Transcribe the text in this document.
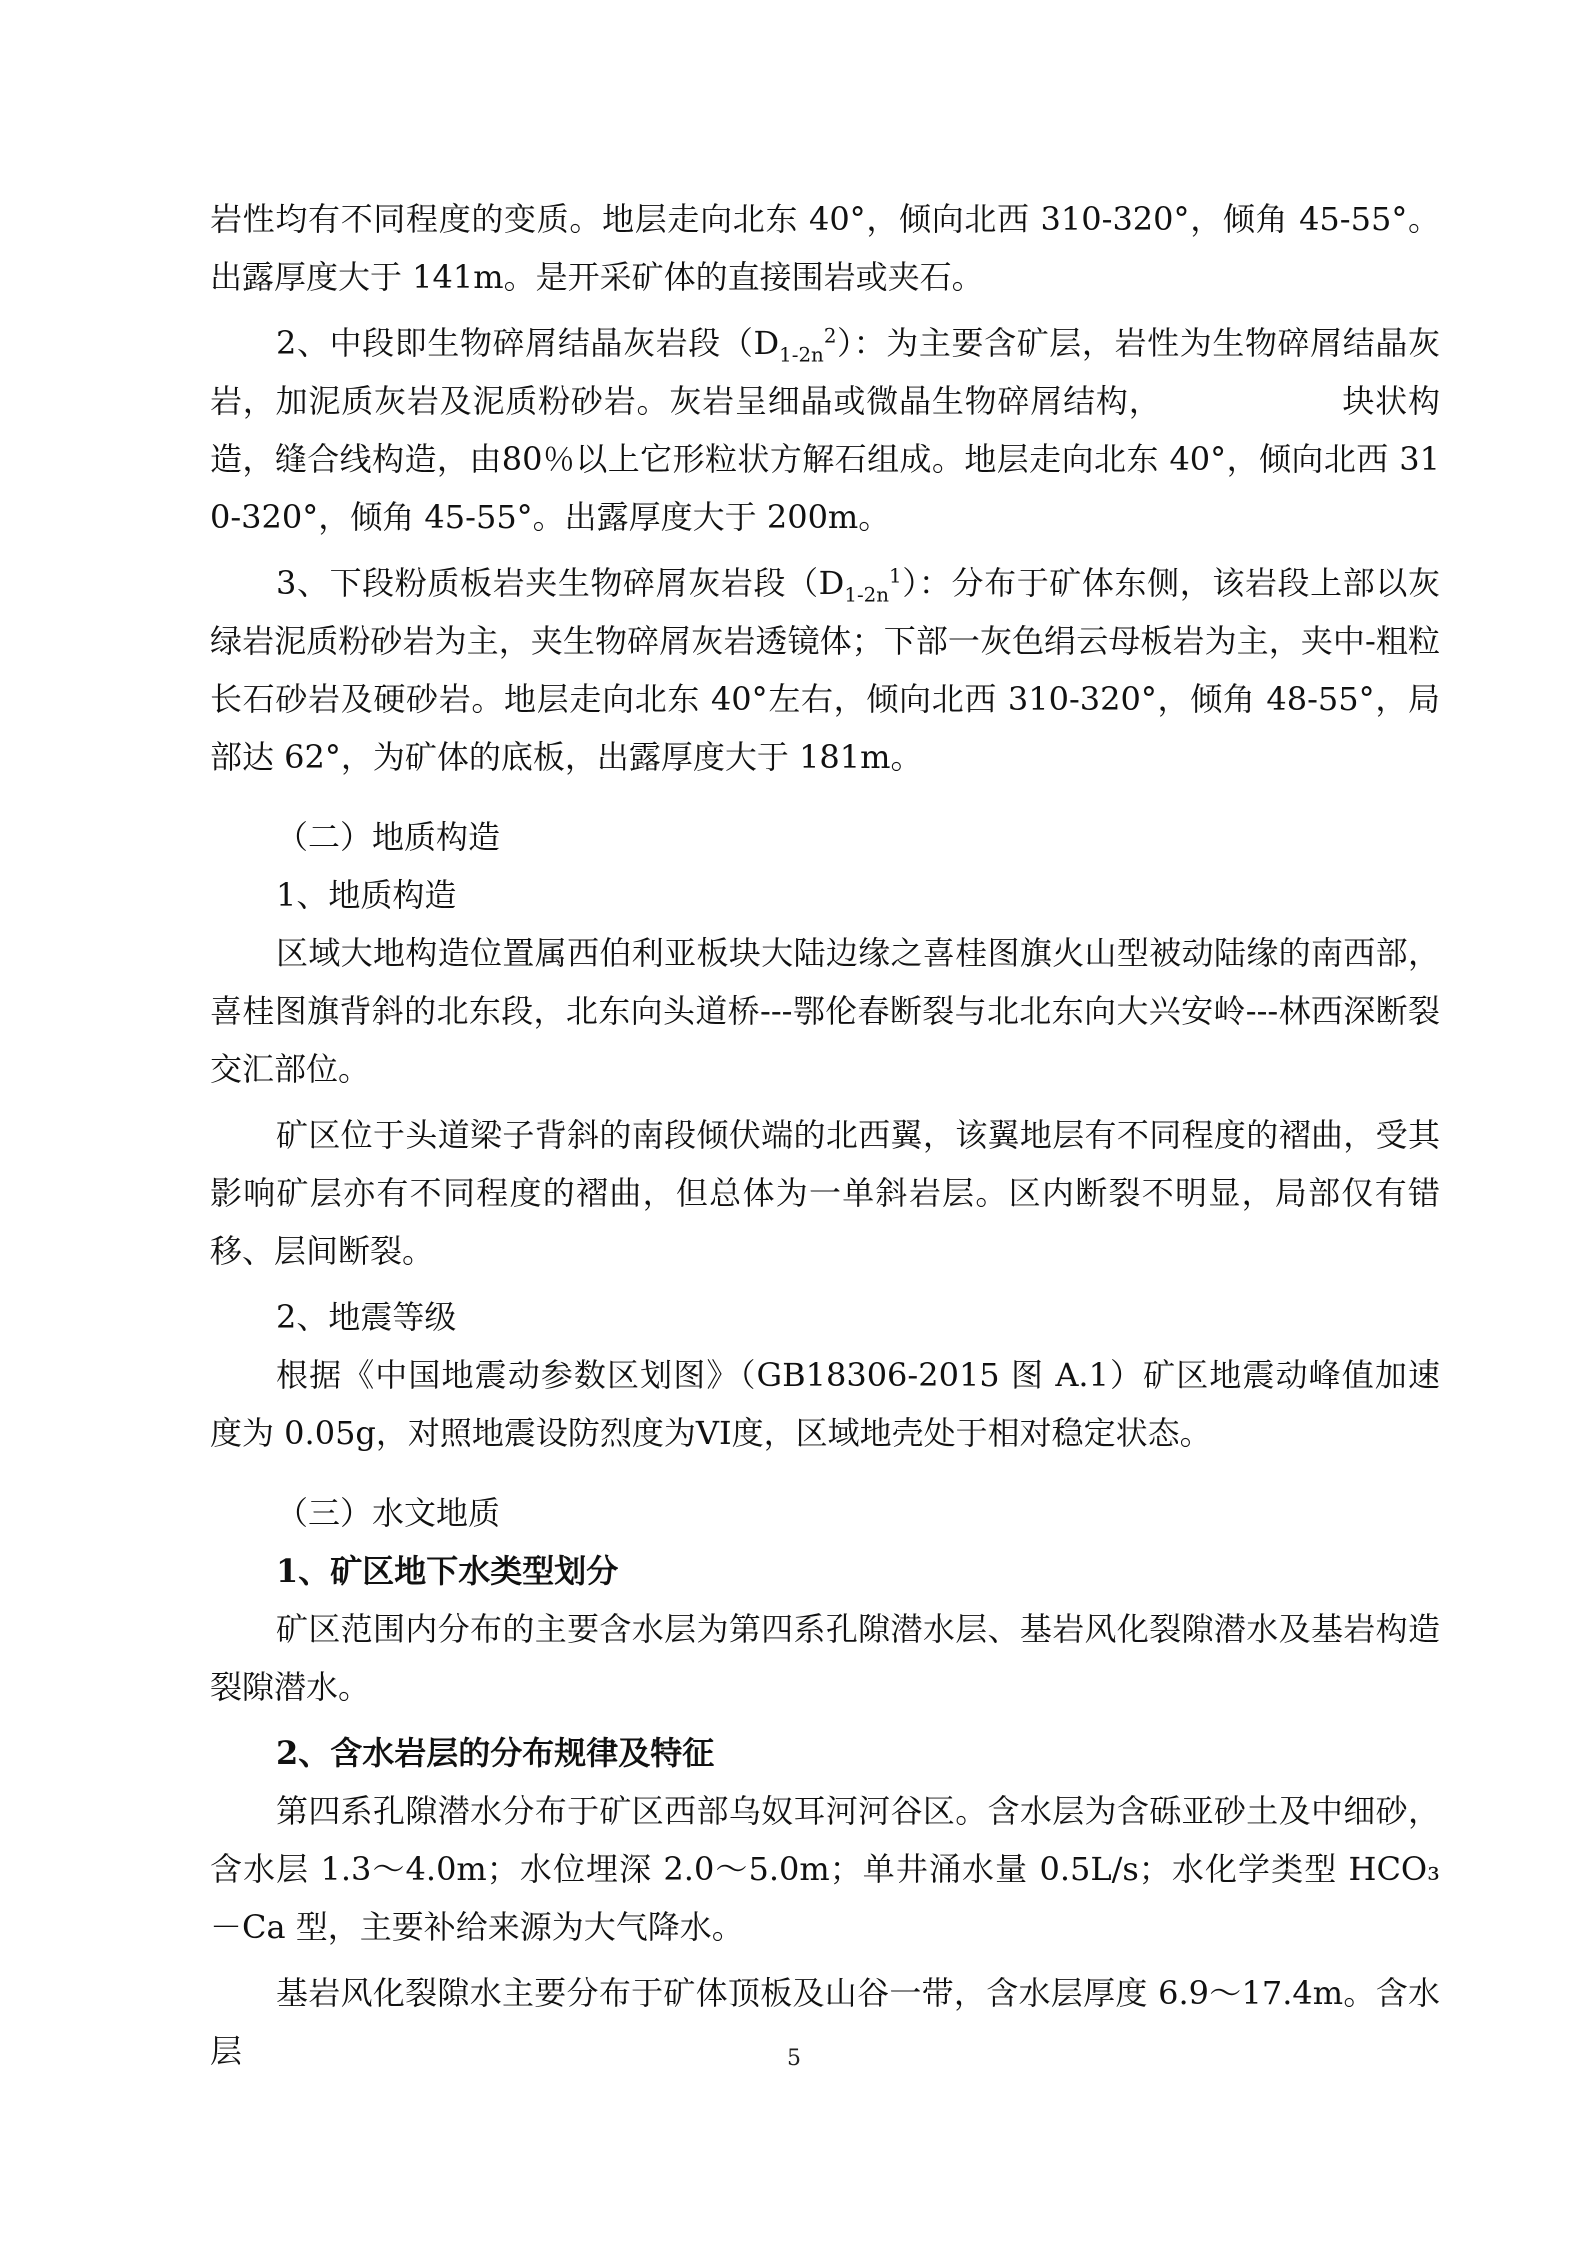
岩性均有不同程度的变质。地层走向北东 40°，倾向北西 310-320°，倾角 45-55°。出露厚度大于 141m。是开采矿体的直接围岩或夹石。

2、中段即生物碎屑结晶灰岩段$(D_{1-2n}^2)$：为主要含矿层，岩性为生物碎屑结晶灰岩，加泥质灰岩及泥质粉砂岩。灰岩呈细晶或微晶生物碎屑结构，　　　　　　块状构造，缝合线构造，由80％以上它形粒状方解石组成。地层走向北东 40°，倾向北西 310-320°，倾角 45-55°。出露厚度大于 200m。

3、下段粉质板岩夹生物碎屑灰岩段$(D_{1-2n}^1)$：分布于矿体东侧，该岩段上部以灰绿岩泥质粉砂岩为主，夹生物碎屑灰岩透镜体；下部一灰色绢云母板岩为主，夹中-粗粒长石砂岩及硬砂岩。地层走向北东 40°左右，倾向北西 310-320°，倾角 48-55°，局部达 62°，为矿体的底板，出露厚度大于 181m。

（二）地质构造

1、地质构造

区域大地构造位置属西伯利亚板块大陆边缘之喜桂图旗火山型被动陆缘的南西部，喜桂图旗背斜的北东段，北东向头道桥---鄂伦春断裂与北北东向大兴安岭---林西深断裂交汇部位。

矿区位于头道梁子背斜的南段倾伏端的北西翼，该翼地层有不同程度的褶曲，受其影响矿层亦有不同程度的褶曲，但总体为一单斜岩层。区内断裂不明显，局部仅有错移、层间断裂。

2、地震等级

根据《中国地震动参数区划图》（GB18306-2015 图 A.1）矿区地震动峰值加速度为 0.05g，对照地震设防烈度为VI度，区域地壳处于相对稳定状态。

（三）水文地质

1、矿区地下水类型划分

矿区范围内分布的主要含水层为第四系孔隙潜水层、基岩风化裂隙潜水及基岩构造裂隙潜水。

2、含水岩层的分布规律及特征

第四系孔隙潜水分布于矿区西部乌奴耳河河谷区。含水层为含砾亚砂土及中细砂，含水层 1.3～4.0m；水位埋深 2.0～5.0m；单井涌水量 0.5L/s；水化学类型 HCO₃－Ca 型，主要补给来源为大气降水。

基岩风化裂隙水主要分布于矿体顶板及山谷一带，含水层厚度 6.9～17.4m。含水层	5
